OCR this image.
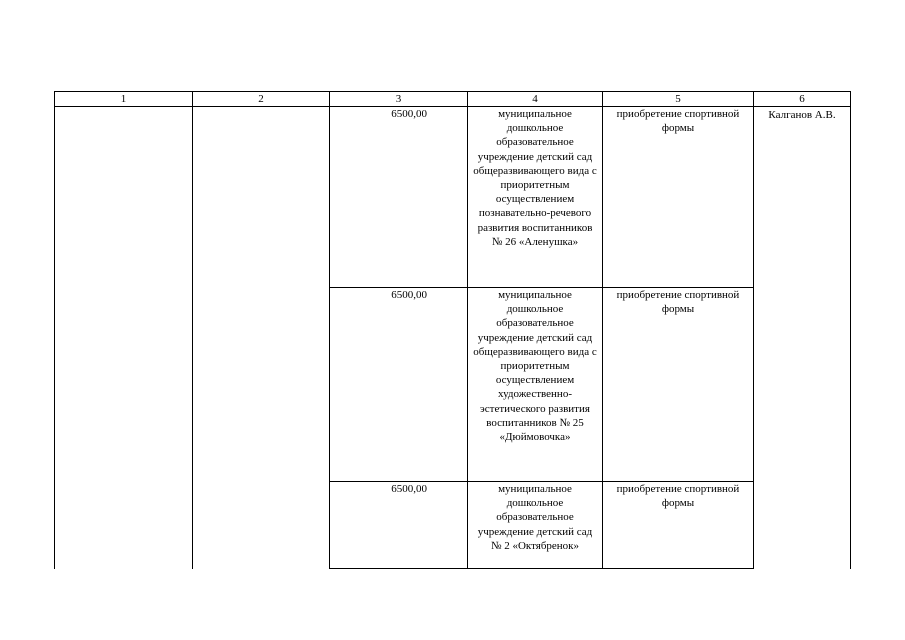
1	2	3	4	5	6
		6500,00	муниципальное дошкольное образовательное учреждение детский сад общеразвивающего вида с приоритетным осуществлением познавательно-речевого развития воспитанников № 26 «Аленушка»	приобретение спортивной формы	Калганов А.В.
		6500,00	муниципальное дошкольное образовательное учреждение детский сад общеразвивающего вида с приоритетным осуществлением художественно-эстетического развития воспитанников № 25 «Дюймовочка»	приобретение спортивной формы	
		6500,00	муниципальное дошкольное образовательное учреждение детский сад № 2 «Октябренок»	приобретение спортивной формы	
